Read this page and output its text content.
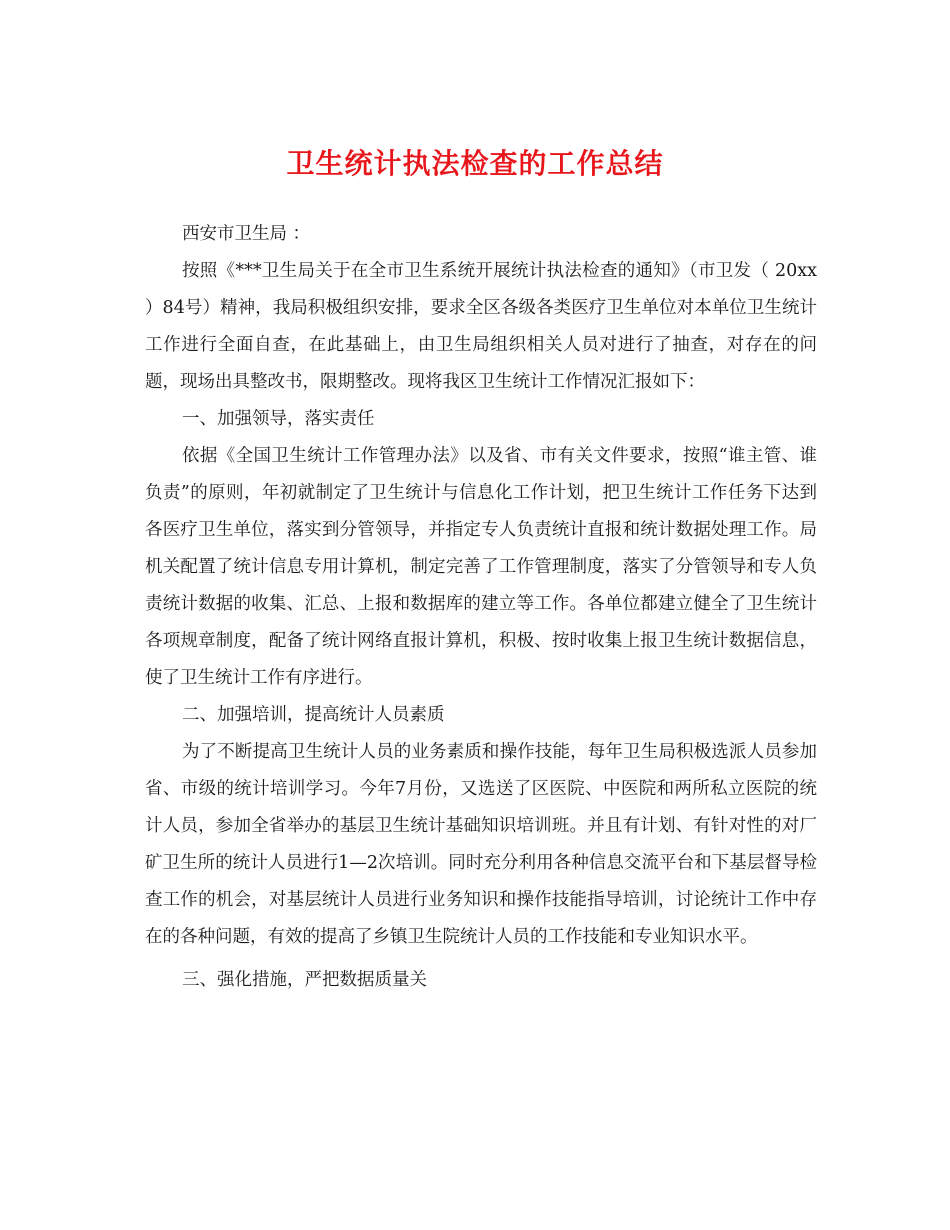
卫生统计执法检查的工作总结

西安市卫生局 ：

按照《***卫生局关于在全市卫生系统开展统计执法检查的通知》（市卫发（ 20xx ）84号）精神，我局积极组织安排，要求全区各级各类医疗卫生单位对本单位卫生统计工作进行全面自查，在此基础上，由卫生局组织相关人员对进行了抽查，对存在的问题，现场出具整改书，限期整改。现将我区卫生统计工作情况汇报如下：

一、加强领导，落实责任

依据《全国卫生统计工作管理办法》以及省、市有关文件要求，按照“谁主管、谁负责”的原则，年初就制定了卫生统计与信息化工作计划，把卫生统计工作任务下达到各医疗卫生单位，落实到分管领导，并指定专人负责统计直报和统计数据处理工作。局机关配置了统计信息专用计算机，制定完善了工作管理制度，落实了分管领导和专人负责统计数据的收集、汇总、上报和数据库的建立等工作。各单位都建立健全了卫生统计各项规章制度，配备了统计网络直报计算机，积极、按时收集上报卫生统计数据信息，使了卫生统计工作有序进行。

二、加强培训，提高统计人员素质

为了不断提高卫生统计人员的业务素质和操作技能，每年卫生局积极选派人员参加省、市级的统计培训学习。今年7月份，又选送了区医院、中医院和两所私立医院的统计人员，参加全省举办的基层卫生统计基础知识培训班。并且有计划、有针对性的对厂矿卫生所的统计人员进行1—2次培训。同时充分利用各种信息交流平台和下基层督导检查工作的机会，对基层统计人员进行业务知识和操作技能指导培训，讨论统计工作中存在的各种问题，有效的提高了乡镇卫生院统计人员的工作技能和专业知识水平。

三、强化措施，严把数据质量关
